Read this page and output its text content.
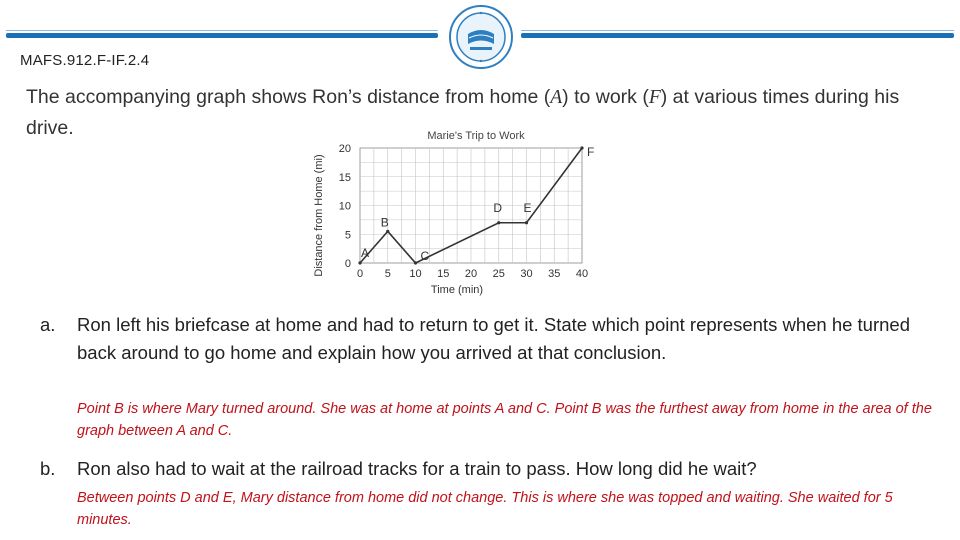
MAFS.912.F-IF.2.4
The accompanying graph shows Ron’s distance from home (A) to work (F) at various times during his drive.	Marie's Trip to Work
0 5 10 15 20 25 30 35 40
0
5
10
15
20
Time (min)
Distance from Home (mi)	A
B
C
D E
F
a. Ron left his briefcase at home and had to return to get it. State which point represents when he turned back around to go home and explain how you arrived at that conclusion.
Point B is where Mary turned around. She was at home at points A and C. Point B was the furthest away from home in the area of the graph between A and C.
b. Ron also had to wait at the railroad tracks for a train to pass. How long did he wait?
Between points D and E, Mary distance from home did not change. This is where she was topped and waiting. She waited for 5 minutes.
